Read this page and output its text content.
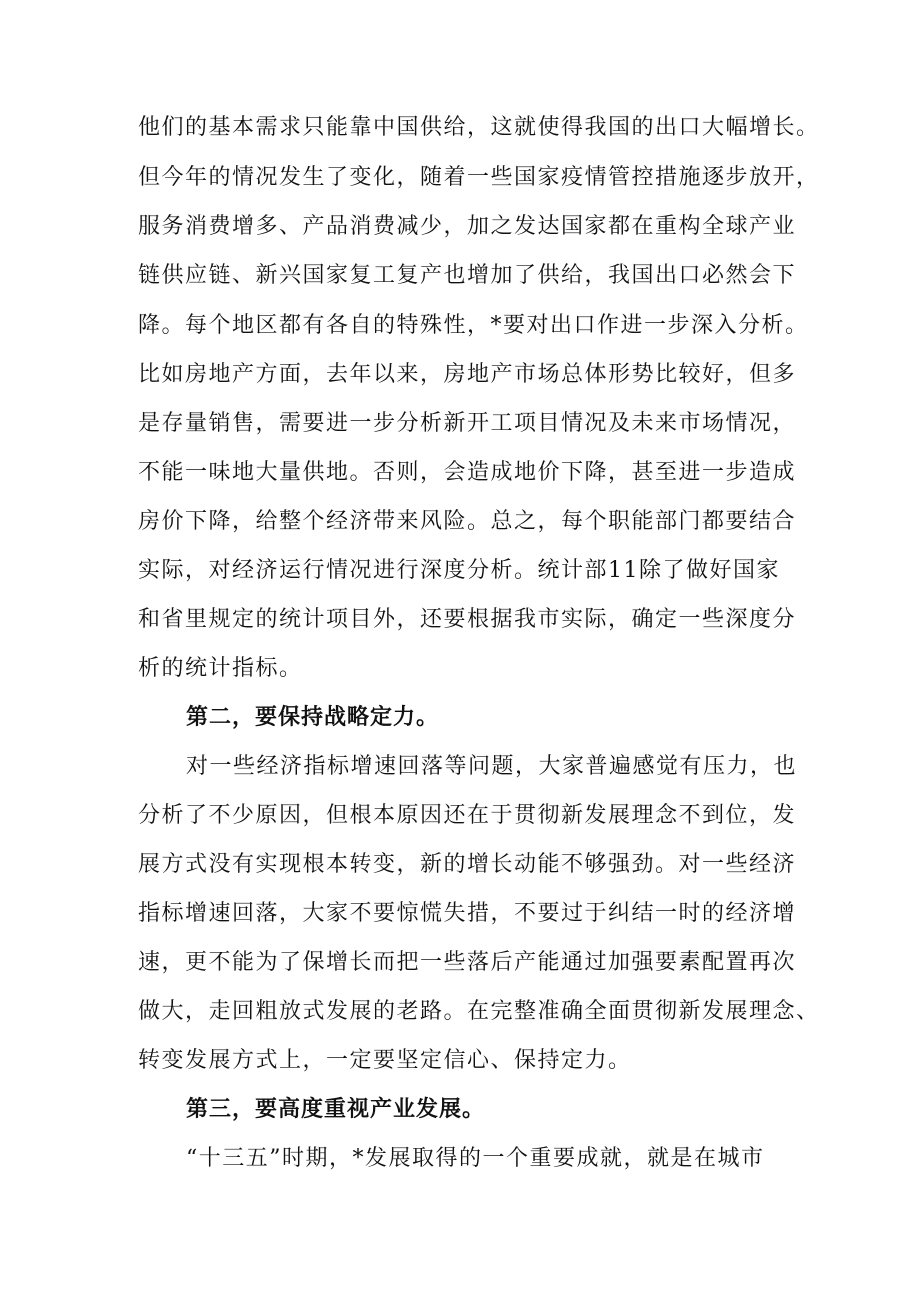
他们的基本需求只能靠中国供给，这就使得我国的出口大幅增长。
但今年的情况发生了变化，随着一些国家疫情管控措施逐步放开，
服务消费增多、产品消费减少，加之发达国家都在重构全球产业
链供应链、新兴国家复工复产也增加了供给，我国出口必然会下
降。每个地区都有各自的特殊性，*要对出口作进一步深入分析。
比如房地产方面，去年以来，房地产市场总体形势比较好，但多
是存量销售，需要进一步分析新开工项目情况及未来市场情况，
不能一味地大量供地。否则，会造成地价下降，甚至进一步造成
房价下降，给整个经济带来风险。总之，每个职能部门都要结合
实际，对经济运行情况进行深度分析。统计部11除了做好国家
和省里规定的统计项目外，还要根据我市实际，确定一些深度分
析的统计指标。
第二，要保持战略定力。
对一些经济指标增速回落等问题，大家普遍感觉有压力，也
分析了不少原因，但根本原因还在于贯彻新发展理念不到位，发
展方式没有实现根本转变，新的增长动能不够强劲。对一些经济
指标增速回落，大家不要惊慌失措，不要过于纠结一时的经济增
速，更不能为了保增长而把一些落后产能通过加强要素配置再次
做大，走回粗放式发展的老路。在完整准确全面贯彻新发展理念、
转变发展方式上，一定要坚定信心、保持定力。
第三，要高度重视产业发展。
“十三五”时期，*发展取得的一个重要成就，就是在城市
